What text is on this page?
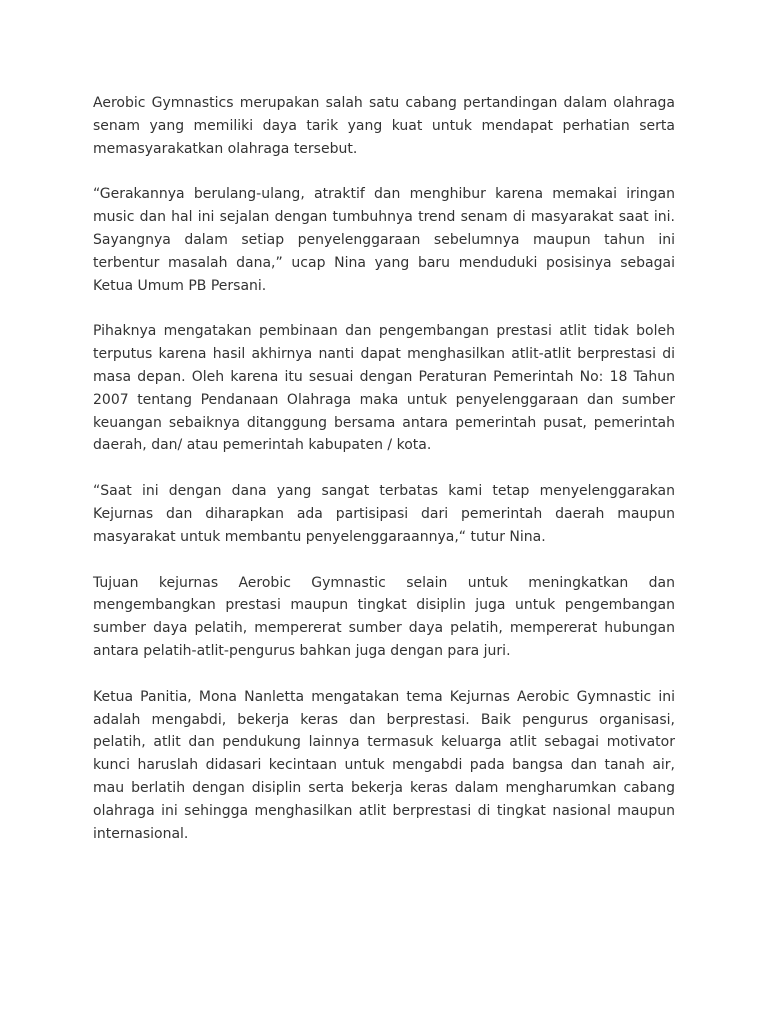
Aerobic Gymnastics merupakan salah satu cabang pertandingan dalam olahraga senam yang memiliki daya tarik yang kuat untuk mendapat perhatian serta memasyarakatkan olahraga tersebut.

“Gerakannya berulang-ulang, atraktif dan menghibur karena memakai iringan music dan hal ini sejalan dengan tumbuhnya trend senam di masyarakat saat ini. Sayangnya dalam setiap penyelenggaraan sebelumnya maupun tahun ini terbentur masalah dana,” ucap Nina yang baru menduduki posisinya sebagai Ketua Umum PB Persani.

Pihaknya mengatakan pembinaan dan pengembangan prestasi atlit tidak boleh terputus karena hasil akhirnya nanti dapat menghasilkan atlit-atlit berprestasi di masa depan. Oleh karena itu sesuai dengan Peraturan Pemerintah No: 18 Tahun 2007 tentang Pendanaan Olahraga maka untuk penyelenggaraan dan sumber keuangan sebaiknya ditanggung bersama antara pemerintah pusat, pemerintah daerah, dan/ atau pemerintah kabupaten / kota.

“Saat ini dengan dana yang sangat terbatas kami tetap menyelenggarakan Kejurnas dan diharapkan ada partisipasi dari pemerintah daerah maupun masyarakat untuk membantu penyelenggaraannya,“ tutur Nina.

Tujuan kejurnas Aerobic Gymnastic selain untuk meningkatkan dan mengembangkan prestasi maupun tingkat disiplin juga untuk pengembangan sumber daya pelatih, mempererat sumber daya pelatih, mempererat hubungan antara pelatih-atlit-pengurus bahkan juga dengan para juri.

Ketua Panitia, Mona Nanletta mengatakan tema Kejurnas Aerobic Gymnastic ini adalah mengabdi, bekerja keras dan berprestasi. Baik pengurus organisasi, pelatih, atlit dan pendukung lainnya termasuk keluarga atlit sebagai motivator kunci haruslah didasari kecintaan untuk mengabdi pada bangsa dan tanah air, mau berlatih dengan disiplin serta bekerja keras dalam mengharumkan cabang olahraga ini sehingga menghasilkan atlit berprestasi di tingkat nasional maupun internasional.
